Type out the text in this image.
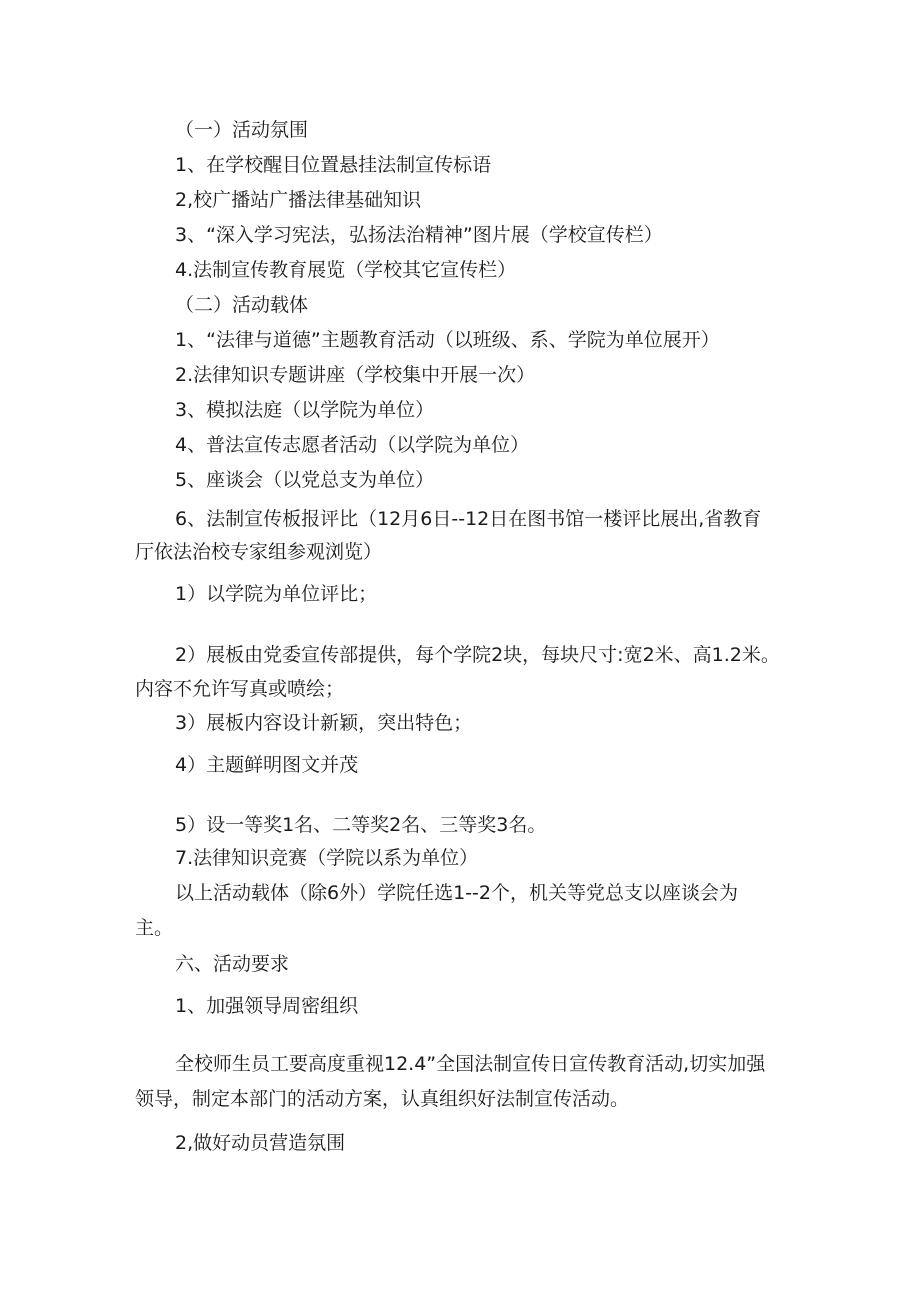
（一）活动氛围
1、在学校醒目位置悬挂法制宣传标语
2,校广播站广播法律基础知识
3、“深入学习宪法，弘扬法治精神”图片展（学校宣传栏）
4.法制宣传教育展览（学校其它宣传栏）
（二）活动载体
1、“法律与道德”主题教育活动（以班级、系、学院为单位展开）
2.法律知识专题讲座（学校集中开展一次）
3、模拟法庭（以学院为单位）
4、普法宣传志愿者活动（以学院为单位）
5、座谈会（以党总支为单位）
6、法制宣传板报评比（12月6日--12日在图书馆一楼评比展出,省教育
厅依法治校专家组参观浏览）
1）以学院为单位评比；
2）展板由党委宣传部提供，每个学院2块，每块尺寸:宽2米、高1.2米。
内容不允许写真或喷绘；
3）展板内容设计新颖，突出特色；
4）主题鲜明图文并茂
5）设一等奖1名、二等奖2名、三等奖3名。
7.法律知识竞赛（学院以系为单位）
以上活动载体（除6外）学院任选1--2个，机关等党总支以座谈会为
主。
六、活动要求
1、加强领导周密组织
全校师生员工要高度重视12.4”全国法制宣传日宣传教育活动,切实加强
领导，制定本部门的活动方案，认真组织好法制宣传活动。
2,做好动员营造氛围
